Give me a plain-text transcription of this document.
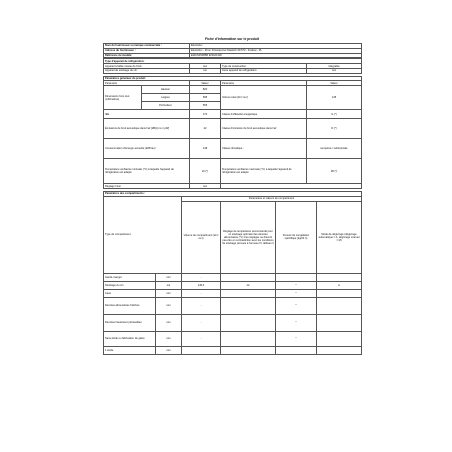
Fiche d'information sur le produit
Nom du fournisseur ou marque commerciale :	Electrolux
Adresse du fournisseur :	Electrolux - 26 al. Powstancow Slaskich 30-570 - Krakow - PL
Référence du modèle:	EWUS052B5B 923421300
Type d'appareil de réfrigération:			
Appareil à faible niveau de bruit:	non	Type de construction:	intégrable
Appareil de stockage du vin:	oui	Autre appareil de réfrigération:	non
Paramètres généraux du produit:				
Paramètre		Valeur	Paramètre	Valeur
Dimensions hors tout (millimètres)	Hauteur	820	Volume total (dm³ ou l)	145
	Largeur	595		
	Profondeur	565		
IEE		170	Classe d'efficacité énergétique	G (*)
Émissions de bruit acoustique dans l'air [dB(A) re 1 pW]		42	Classe d'émission de bruit acoustique dans l'air	D (*)
Consommation d'énergie annuelle (kWh/an)		148	Classe climatique :	tempérée / subtropicale
Température ambiante minimale (°C) à laquelle l'appareil de réfrigération est adapté		16 (*)	Température ambiante maximale (°C) à laquelle l'appareil de réfrigération est adapté	38 (*)
Réglage hiver		non		
Paramètres des compartiments :					
Type de compartiment		Paramètres et valeurs de compartiment			
		Volume du compartiment (dm³ ou l)	Réglage de température recommandé pour un stockage optimisé des denrées alimentaires (°C) Ces réglages ne doivent pas être en contradiction avec les conditions de stockage prévues à l'annexe IV, tableau 3	Pouvoir de congélation spécifique (kg/24 h)	Mode de dégivrage (dégivrage automatique = A, dégivrage manuel = M)
Garde-manger	non	-			
Stockage du vin	oui	145,0	12	*	A
Cave	non	-		*	
Denrées alimentaires fraîches	non	-		*	
Denrées hautement périssables	non	-		*	
Sans étoile ou fabrication de glace	non	-		*	
1 étoile	non				
